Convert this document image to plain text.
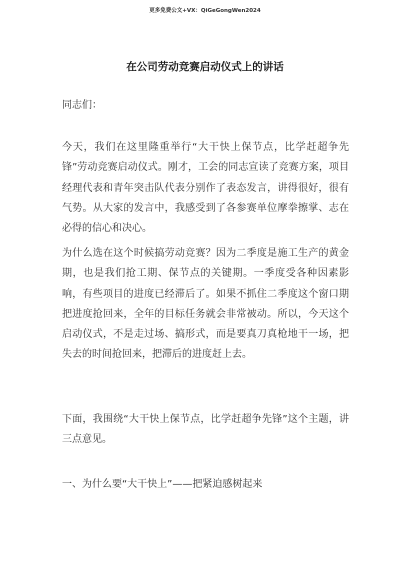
更多免费公文+VX：QiGeGongWen2024
在公司劳动竞赛启动仪式上的讲话

同志们：

今天，我们在这里隆重举行“大干快上保节点，比学赶超争先锋”劳动竞赛启动仪式。刚才，工会的同志宣读了竞赛方案，项目经理代表和青年突击队代表分别作了表态发言，讲得很好，很有气势。从大家的发言中，我感受到了各参赛单位摩拳擦掌、志在必得的信心和决心。

为什么选在这个时候搞劳动竞赛？因为二季度是施工生产的黄金期，也是我们抢工期、保节点的关键期。一季度受各种因素影响，有些项目的进度已经滞后了。如果不抓住二季度这个窗口期把进度抢回来，全年的目标任务就会非常被动。所以，今天这个启动仪式，不是走过场、搞形式，而是要真刀真枪地干一场，把失去的时间抢回来，把滞后的进度赶上去。

下面，我围绕“大干快上保节点，比学赶超争先锋”这个主题，讲三点意见。

一、为什么要“大干快上”——把紧迫感树起来
